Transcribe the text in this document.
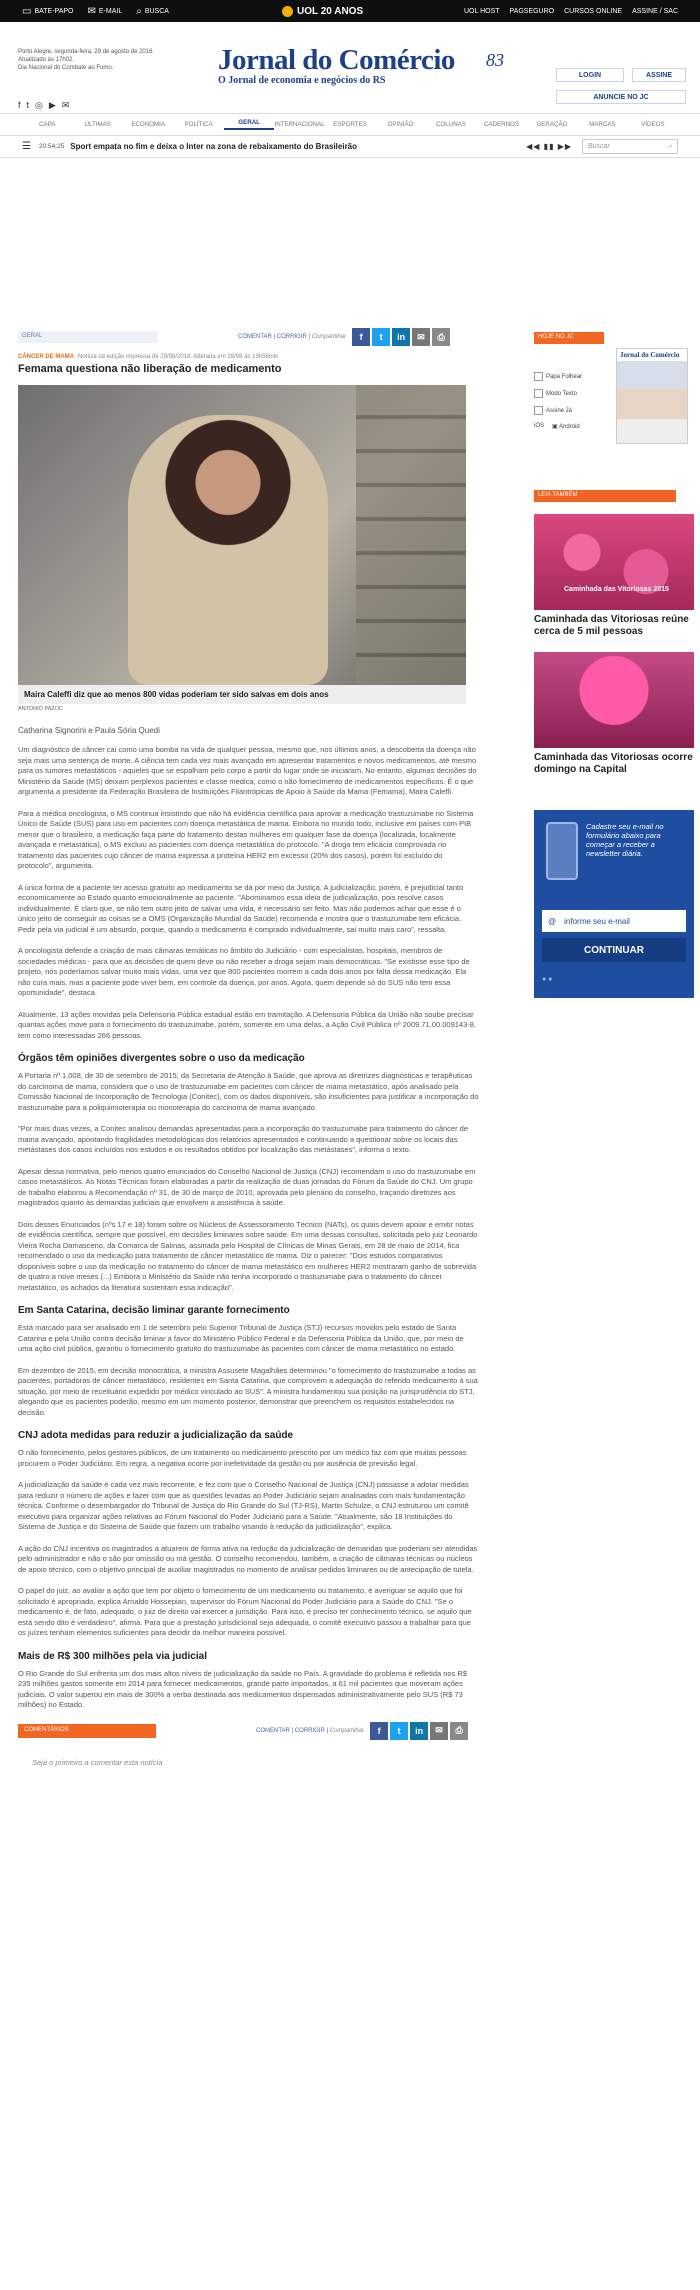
▭ BATE-PAPO ✉ E-MAIL ⌕ BUSCA	UOL 20 ANOS	UOL HOST PAGSEGURO CURSOS ONLINE ASSINE / SAC
Porto Alegre, segunda-feira, 29 de agosto de 2016.
Atualizado às 17h02.
Dia Nacional do Combate ao Fumo.
f t ◎ ▶ ✉
Jornal do Comércio
O Jornal de economia e negócios do RS
83
LOGIN	ASSINE
ANUNCIE NO JC
CAPA	ÚLTIMAS	ECONOMIA	POLÍTICA	GERAL	INTERNACIONAL	ESPORTES	OPINIÃO	COLUNAS	CADERNOS	GERAÇÃO	MARCAS	VÍDEOS
☰ 20:54:25 Sport empata no fim e deixa o Inter na zona de rebaixamento do Brasileirão	◀◀ ▮▮ ▶▶ Buscar	⌕
GERAL	COMENTAR | CORRIGIR | Compartilhar	f	t	in	✉	⎙
CÂNCER DE MAMA Notícia da edição impressa de 29/08/2016. Alterada em 28/08 às 19h58min
Femama questiona não liberação de medicamento
Maira Caleffi diz que ao menos 800 vidas poderiam ter sido salvas em dois anos
ANTONIO PAZ/JC
Catharina Signorini e Paula Sória Quedi

Um diagnóstico de câncer cai como uma bomba na vida de qualquer pessoa, mesmo que, nos últimos anos, a descoberta da doença não seja mais uma sentença de morte. A ciência tem cada vez mais avançado em apresentar tratamentos e novos medicamentos, até mesmo para os tumores metastáticos - aqueles que se espalham pelo corpo a partir do lugar onde se iniciaram. No entanto, algumas decisões do Ministério da Saúde (MS) deixam perplexos pacientes e classe médica, como o não fornecimento de medicamentos específicos. É o que argumenta a presidente da Federação Brasileira de Instituições Filantrópicas de Apoio à Saúde da Mama (Femama), Maira Caleffi.

Para a médica oncologista, o MS continua insistindo que não há evidência científica para aprovar a medicação trastuzumabe no Sistema Único de Saúde (SUS) para uso em pacientes com doença metastática de mama. Embora no mundo todo, inclusive em países com PIB menor que o brasileiro, a medicação faça parte do tratamento destas mulheres em qualquer fase da doença (localizada, localmente avançada e metastática), o MS excluiu as pacientes com doença metastática do protocolo. "A droga tem eficácia comprovada no tratamento das pacientes cujo câncer de mama expressa a proteína HER2 em excesso (20% dos casos), porém foi excluído do protocolo", argumenta.

A única forma de a paciente ter acesso gratuito ao medicamento se dá por meio da Justiça. A judicialização, porém, é prejudicial tanto economicamente ao Estado quanto emocionalmente ao paciente. "Abominamos essa ideia de judicialização, pois resolve casos individualmente. É claro que, se não tem outro jeito de salvar uma vida, é necessário ser feito. Mas não podemos achar que esse é o único jeito de conseguir as coisas se a OMS (Organização Mundial da Saúde) recomenda e mostra que o trastuzumabe tem eficácia. Pedir pela via judicial é um absurdo, porque, quando o medicamento é comprado individualmente, sai muito mais caro", ressalta.

A oncologista defende a criação de mais câmaras temáticas no âmbito do Judiciário - com especialistas, hospitais, membros de sociedades médicas - para que as decisões de quem deve ou não receber a droga sejam mais democráticas. "Se existisse esse tipo de projeto, nós poderíamos salvar muito mais vidas, uma vez que 800 pacientes morrem a cada dois anos por falta dessa medicação. Ela não cura mais, mas a paciente pode viver bem, em controle da doença, por anos. Agora, quem depende só do SUS não tem essa oportunidade", destaca.

Atualmente, 13 ações movidas pela Defensoria Pública estadual estão em tramitação. A Defensoria Pública da União não soube precisar quantas ações move para o fornecimento do trastuzumabe, porém, somente em uma delas, a Ação Civil Pública nº 2009.71.00.009143-8, tem como interessadas 266 pessoas.

Órgãos têm opiniões divergentes sobre o uso da medicação

A Portaria nº 1.008, de 30 de setembro de 2015, da Secretaria de Atenção à Saúde, que aprova as diretrizes diagnósticas e terapêuticas do carcinoma de mama, considera que o uso de trastuzumabe em pacientes com câncer de mama metastático, após analisado pela Comissão Nacional de Incorporação de Tecnologia (Conitec), com os dados disponíveis, são insuficientes para justificar a incorporação do trastuzumabe para a poliquimioterapia ou monoterapia do carcinoma de mama avançado.

"Por mais duas vezes, a Conitec analisou demandas apresentadas para a incorporação do trastuzumabe para tratamento do câncer de mama avançado, apontando fragilidades metodológicas dos relatórios apresentados e continuando a questionar sobre os locais das metástases dos casos incluídos nos estudos e os resultados obtidos por localização das metástases", informa o texto.

Apesar dessa normativa, pelo menos quatro enunciados do Conselho Nacional de Justiça (CNJ) recomendam o uso do trastuzumabe em casos metastáticos. As Notas Técnicas foram elaboradas a partir da realização de duas jornadas do Fórum da Saúde do CNJ. Um grupo de trabalho elaborou a Recomendação nº 31, de 30 de março de 2010, aprovada pelo plenário do conselho, traçando diretrizes aos magistrados quanto às demandas judiciais que envolvem a assistência à saúde.

Dois desses Enunciados (nºs 17 e 18) foram sobre os Núcleos de Assessoramento Técnico (NATs), os quais devem apoiar e emitir notas de evidência científica, sempre que possível, em decisões liminares sobre saúde. Em uma dessas consultas, solicitada pelo juiz Leonardo Vieira Rocha Damasceno, da Comarca de Salinas, assinada pelo Hospital de Clínicas de Minas Gerais, em 28 de maio de 2014, fica recomendado o uso da medicação para tratamento de câncer metastático de mama. Diz o parecer: "Dois estudos comparativos disponíveis sobre o uso da medicação no tratamento do câncer de mama metastático em mulheres HER2 mostraram ganho de sobrevida de quatro a nove meses (...) Embora o Ministério da Saúde não tenha incorporado o trastuzumabe para o tratamento do câncer metastático, os achados da literatura sustentam essa indicação".

Em Santa Catarina, decisão liminar garante fornecimento

Está marcado para ser analisado em 1 de setembro pelo Superior Tribunal de Justiça (STJ) recursos movidos pelo estado de Santa Catarina e pela União contra decisão liminar a favor do Ministério Público Federal e da Defensoria Pública da União, que, por meio de uma ação civil pública, garantiu o fornecimento gratuito do trastuzumabe às pacientes com câncer de mama metastático no estado.

Em dezembro de 2015, em decisão monocrática, a ministra Assusete Magalhães determinou "o fornecimento do trastuzumabe a todas as pacientes, portadoras de câncer metastático, residentes em Santa Catarina, que comprovem a adequação do referido medicamento à sua situação, por meio de receituário expedido por médico vinculado ao SUS". A ministra fundamentou sua posição na jurisprudência do STJ, alegando que os pacientes poderão, mesmo em um momento posterior, demonstrar que preenchem os requisitos estabelecidos na decisão.

CNJ adota medidas para reduzir a judicialização da saúde

O não fornecimento, pelos gestores públicos, de um tratamento ou medicamento prescrito por um médico faz com que muitas pessoas procurem o Poder Judiciário. Em regra, a negativa ocorre por inefetividade da gestão ou por ausência de previsão legal.

A judicialização da saúde é cada vez mais recorrente, e fez com que o Conselho Nacional de Justiça (CNJ) passasse a adotar medidas para reduzir o número de ações e fazer com que as questões levadas ao Poder Judiciário sejam analisadas com mais fundamentação técnica. Conforme o desembargador do Tribunal de Justiça do Rio Grande do Sul (TJ-RS), Martin Schulze, o CNJ estruturou um comitê executivo para organizar ações relativas ao Fórum Nacional do Poder Judiciário para a Saúde. "Atualmente, são 18 Instituições do Sistema de Justiça e do Sistema de Saúde que fazem um trabalho visando à redução da judicialização", explica.

A ação do CNJ incentiva os magistrados a atuarem de forma ativa na redução da judicialização de demandas que poderiam ser atendidas pelo administrador e não o são por omissão ou má gestão. O conselho recomendou, também, a criação de câmaras técnicas ou núcleos de apoio técnico, com o objetivo principal de auxiliar magistrados no momento de analisar pedidos liminares ou de antecipação de tutela.

O papel do juiz, ao avaliar a ação que tem por objeto o fornecimento de um medicamento ou tratamento, é averiguar se aquilo que foi solicitado é apropriado, explica Arnaldo Hossepian, supervisor do Fórum Nacional do Poder Judiciário para a Saúde do CNJ. "Se o medicamento é, de fato, adequado, o juiz de direito vai exercer a jurisdição. Para isso, é preciso ter conhecimento técnico, se aquilo que está sendo dito é verdadeiro", afirma. Para que a prestação jurisdicional seja adequada, o comitê executivo passou a trabalhar para que os juízes tenham elementos suficientes para decidir da melhor maneira possível.

Mais de R$ 300 milhões pela via judicial

O Rio Grande do Sul enfrenta um dos mais altos níveis de judicialização da saúde no País. A gravidade do problema é refletida nos R$ 235 milhões gastos somente em 2014 para fornecer medicamentos, grande parte importados, a 61 mil pacientes que moveram ações judiciais. O valor superou em mais de 300% a verba destinada aos medicamentos dispensados administrativamente pelo SUS (R$ 73 milhões) no Estado.

COMENTÁRIOS	COMENTAR | CORRIGIR | Compartilhar	f	t	in	✉	⎙
Seja o primeiro a comentar esta notícia
HOJE NO JC
Papa Folhear
Modo Texto
Assine Já
iOS ▣ Android
Jornal do Comércio
LEIA TAMBÉM
Caminhada das Vitoriosas 2015
Caminhada das Vitoriosas reúne cerca de 5 mil pessoas
Caminhada das Vitoriosas ocorre domingo na Capital
Cadastre seu e-mail no formulário abaixo para começar a receber a newsletter diária.
@ informe seu e-mail
CONTINUAR
● ●
